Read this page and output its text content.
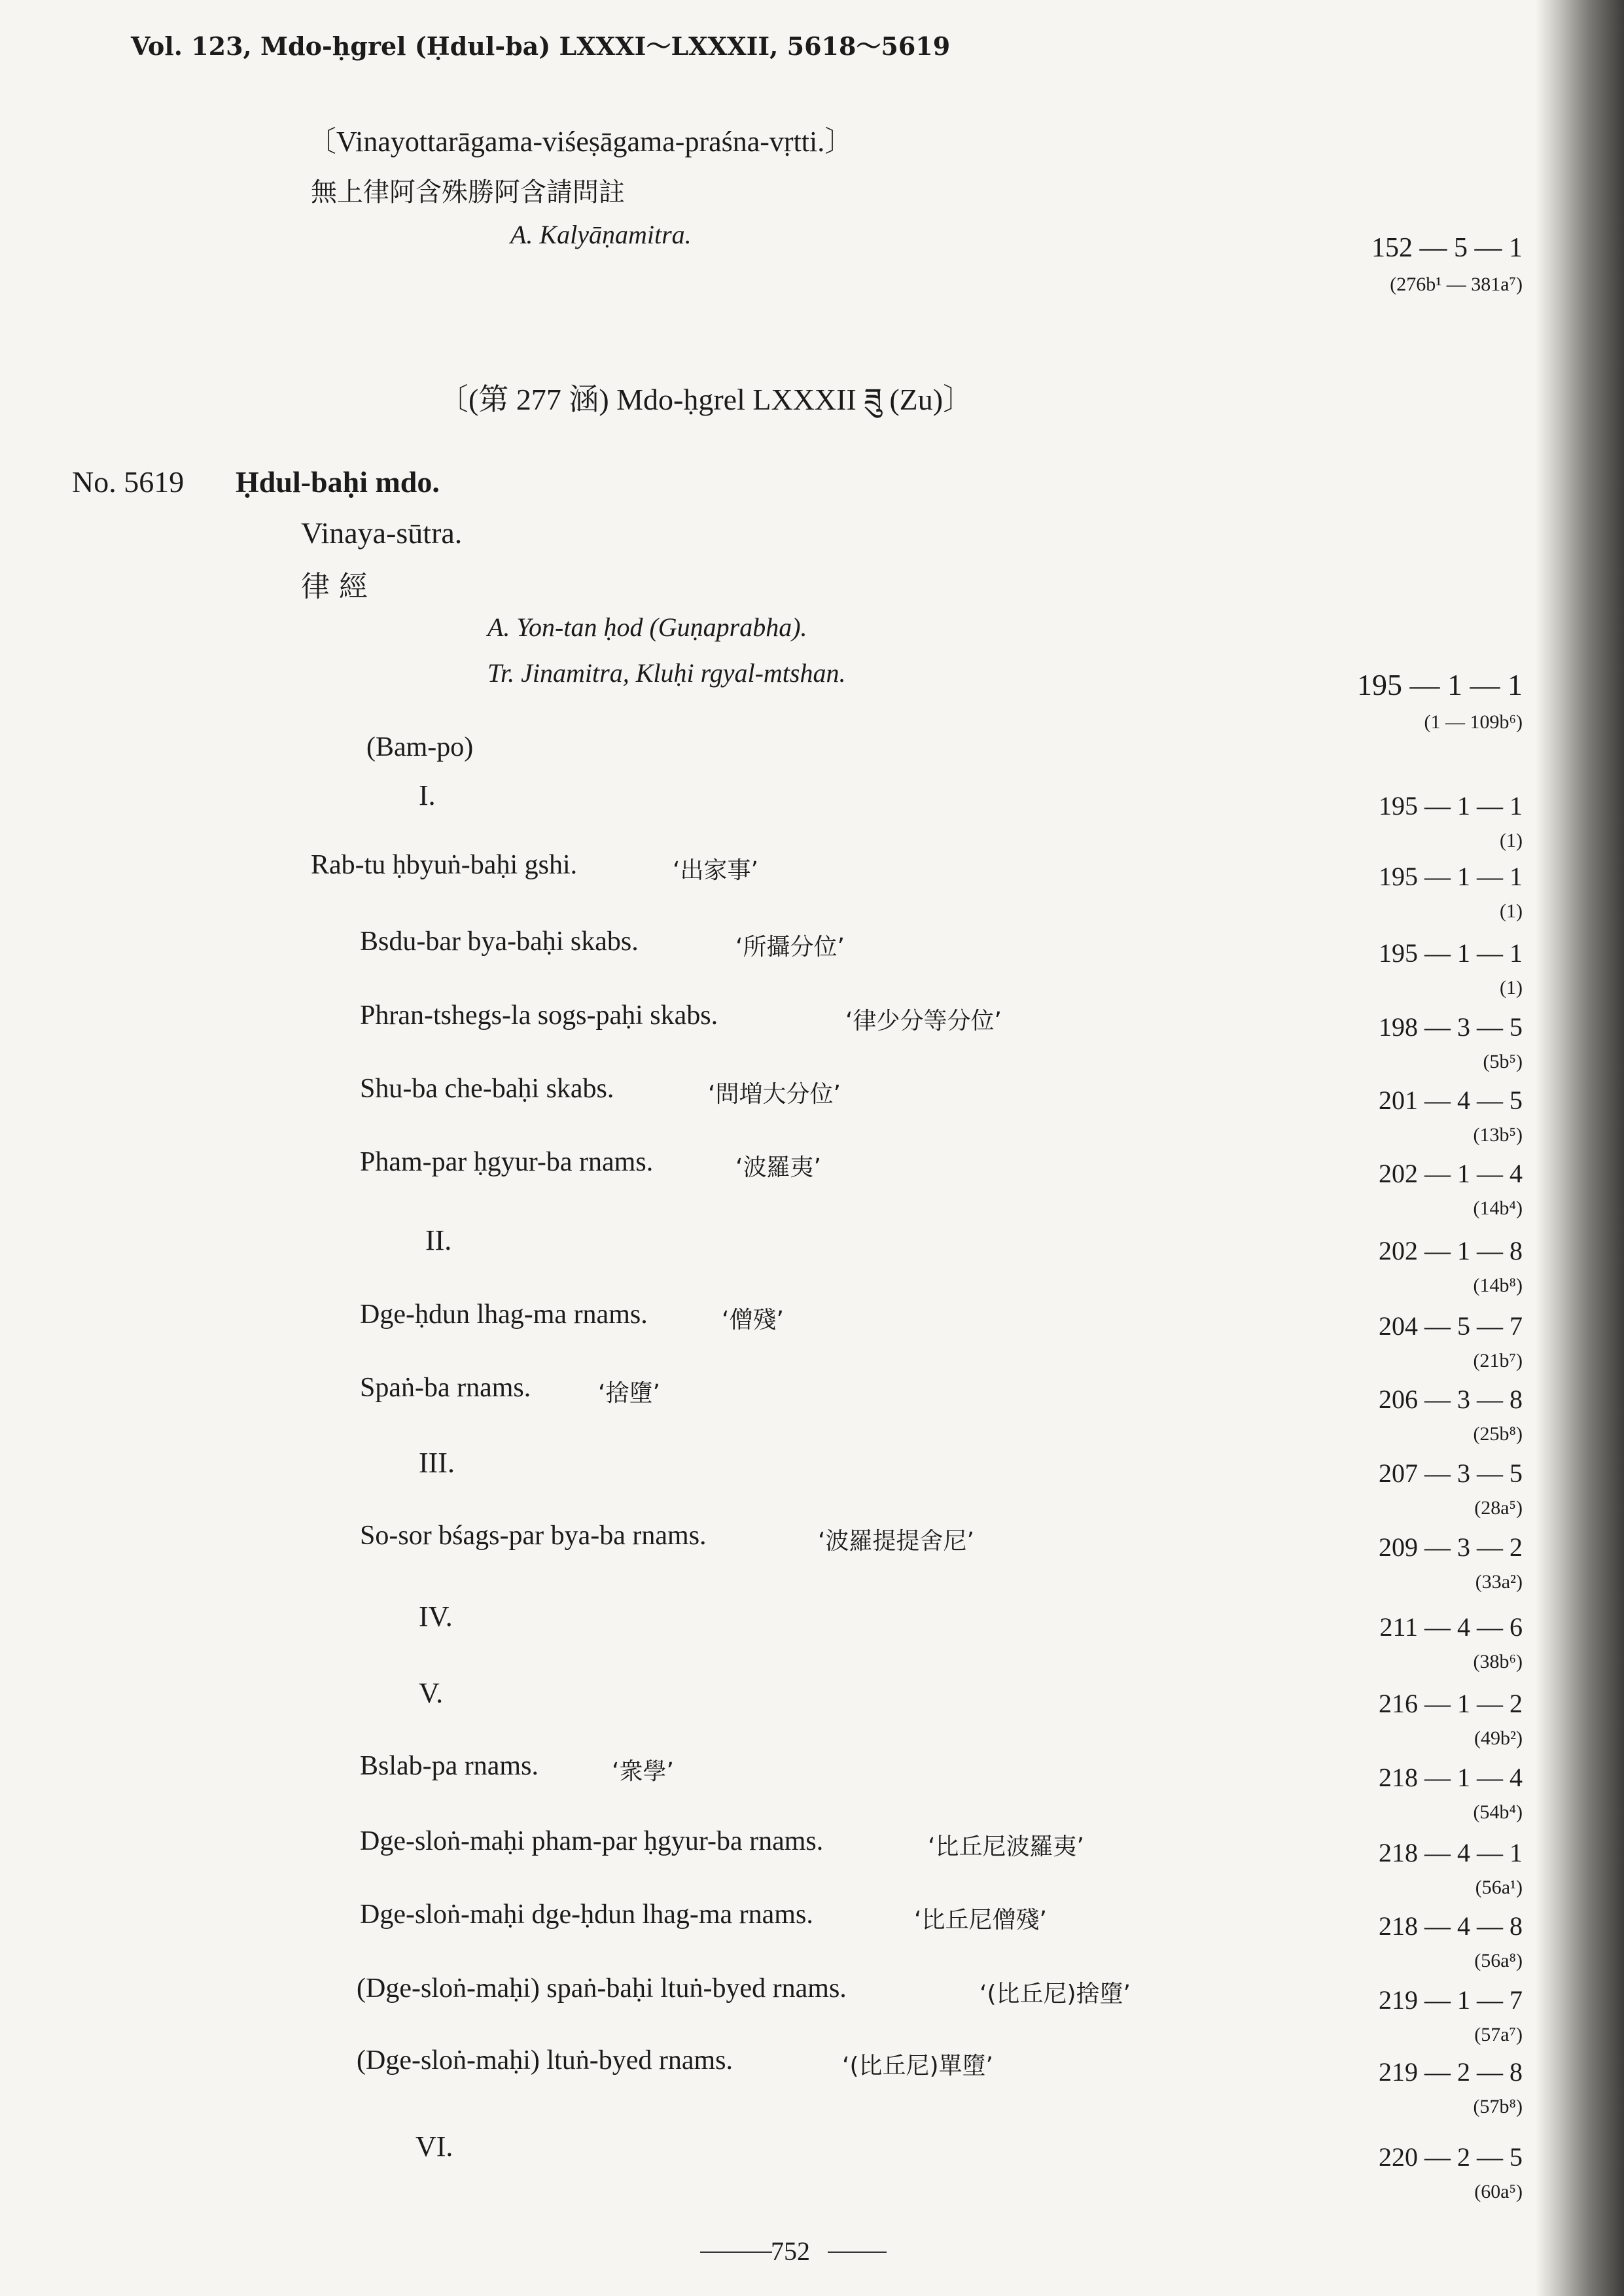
Vol. 123, Mdo-ḥgrel (Ḥdul-ba) LXXXI〜LXXXII, 5618〜5619
〔Vinayottarāgama-viśeṣāgama-praśna-vṛtti.〕
無上律阿含殊勝阿含請問註
A. Kalyāṇamitra.	152 — 5 — 1
(276b¹ — 381a⁷)
〔(第 277 涵) Mdo-ḥgrel LXXXII ཟུ (Zu)〕
No. 5619 Ḥdul-baḥi mdo.
Vinaya-sūtra.
律 經
A. Yon-tan ḥod (Guṇaprabha).
Tr. Jinamitra, Kluḥi rgyal-mtshan.	195 — 1 — 1
(1 — 109b⁶)
(Bam-po)
I.	195 — 1 — 1
(1)
Rab-tu ḥbyuṅ-baḥi gshi.	‘出家事’	195 — 1 — 1
(1)
Bsdu-bar bya-baḥi skabs.	‘所攝分位’	195 — 1 — 1
(1)
Phran-tshegs-la sogs-paḥi skabs.	‘律少分等分位’	198 — 3 — 5
(5b⁵)
Shu-ba che-baḥi skabs.	‘問増大分位’	201 — 4 — 5
(13b⁵)
Pham-par ḥgyur-ba rnams.	‘波羅夷’	202 — 1 — 4
(14b⁴)
II.	202 — 1 — 8
(14b⁸)
Dge-ḥdun lhag-ma rnams.	‘僧殘’	204 — 5 — 7
(21b⁷)
Spaṅ-ba rnams.	‘捨墮’	206 — 3 — 8
(25b⁸)
III.	207 — 3 — 5
(28a⁵)
So-sor bśags-par bya-ba rnams.	‘波羅提提舍尼’	209 — 3 — 2
(33a²)
IV.	211 — 4 — 6
(38b⁶)
V.	216 — 1 — 2
(49b²)
Bslab-pa rnams.	‘衆學’	218 — 1 — 4
(54b⁴)
Dge-sloṅ-maḥi pham-par ḥgyur-ba rnams.	‘比丘尼波羅夷’	218 — 4 — 1
(56a¹)
Dge-sloṅ-maḥi dge-ḥdun lhag-ma rnams.	‘比丘尼僧殘’	218 — 4 — 8
(56a⁸)
(Dge-sloṅ-maḥi) spaṅ-baḥi ltuṅ-byed rnams.	‘(比丘尼)捨墮’	219 — 1 — 7
(57a⁷)
(Dge-sloṅ-maḥi) ltuṅ-byed rnams.	‘(比丘尼)單墮’	219 — 2 — 8
(57b⁸)
VI.	220 — 2 — 5
(60a⁵)
752
